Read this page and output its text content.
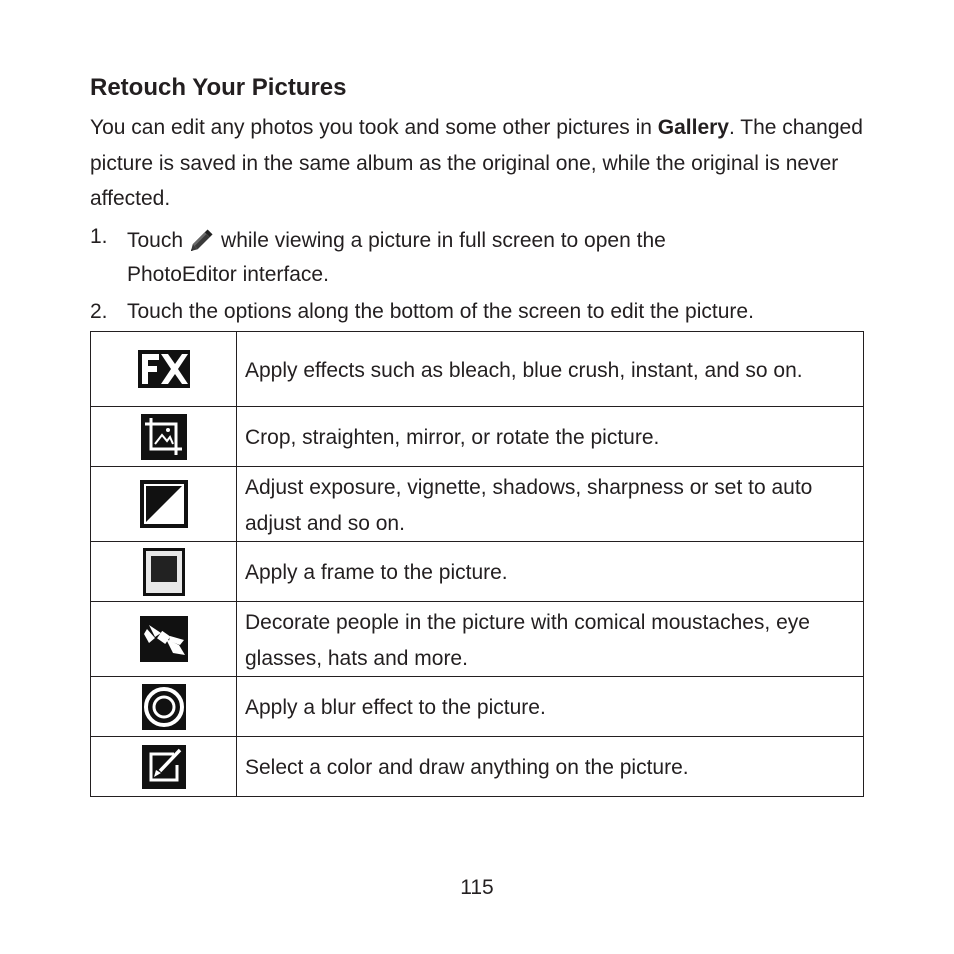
Retouch Your Pictures

You can edit any photos you took and some other pictures in Gallery. The changed picture is saved in the same album as the original one, while the original is never affected.

1. Touch while viewing a picture in full screen to open the
PhotoEditor interface.
2. Touch the options along the bottom of the screen to edit the picture.
	Apply effects such as bleach, blue crush, instant, and so on.

	Crop, straighten, mirror, or rotate the picture.

	Adjust exposure, vignette, shadows, sharpness or set to auto adjust and so on.

	Apply a frame to the picture.

	Decorate people in the picture with comical moustaches, eye glasses, hats and more.

	Apply a blur effect to the picture.

	Select a color and draw anything on the picture.
115
